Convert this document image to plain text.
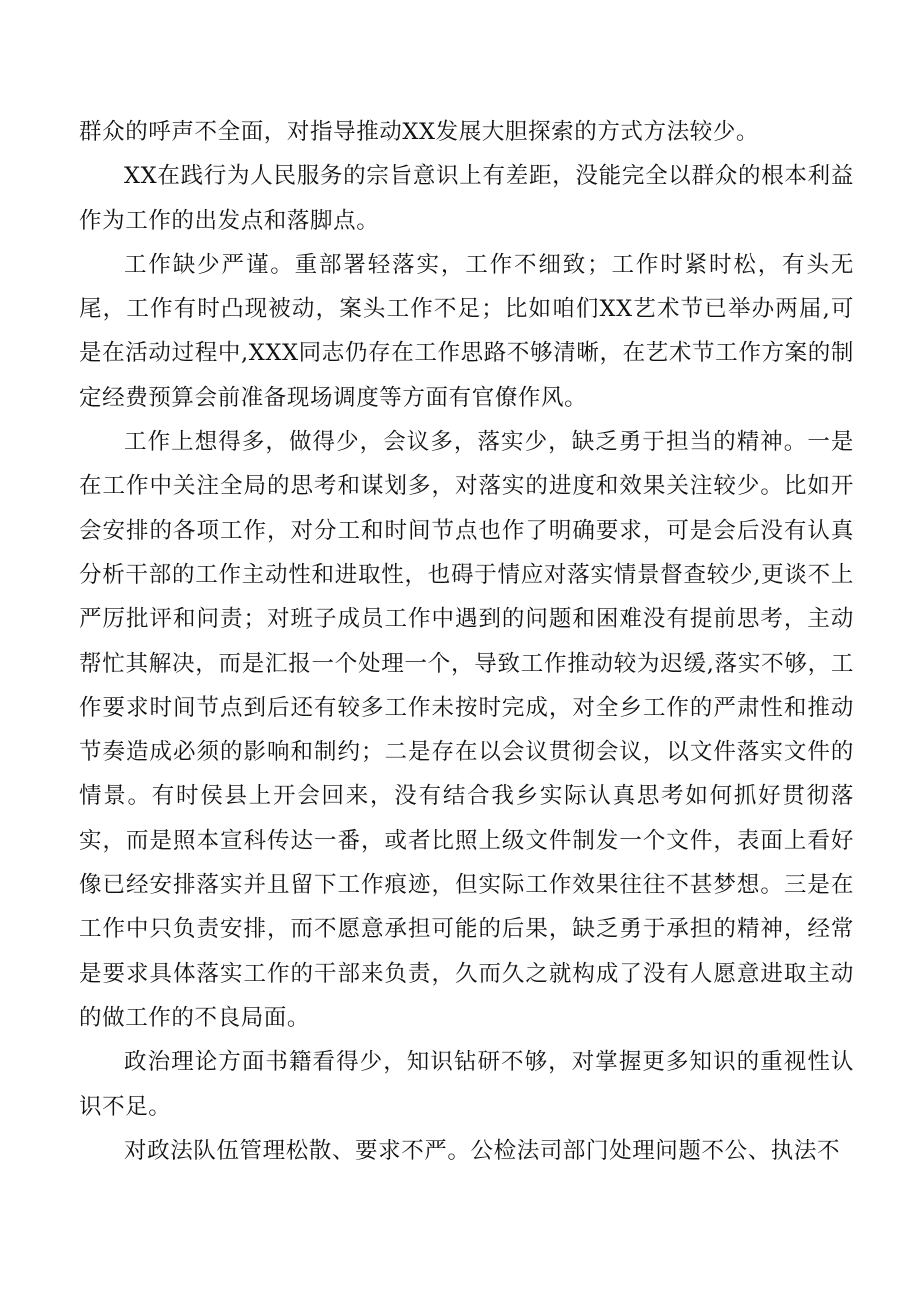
群众的呼声不全面，对指导推动XX发展大胆探索的方式方法较少。

XX在践行为人民服务的宗旨意识上有差距，没能完全以群众的根本利益作为工作的出发点和落脚点。

工作缺少严谨。重部署轻落实，工作不细致；工作时紧时松，有头无尾，工作有时凸现被动，案头工作不足；比如咱们XX艺术节已举办两届,可是在活动过程中,XXX同志仍存在工作思路不够清晰，在艺术节工作方案的制定经费预算会前准备现场调度等方面有官僚作风。

工作上想得多，做得少，会议多，落实少，缺乏勇于担当的精神。一是在工作中关注全局的思考和谋划多，对落实的进度和效果关注较少。比如开会安排的各项工作，对分工和时间节点也作了明确要求，可是会后没有认真分析干部的工作主动性和进取性，也碍于情应对落实情景督查较少,更谈不上严厉批评和问责；对班子成员工作中遇到的问题和困难没有提前思考，主动帮忙其解决，而是汇报一个处理一个，导致工作推动较为迟缓,落实不够，工作要求时间节点到后还有较多工作未按时完成，对全乡工作的严肃性和推动节奏造成必须的影响和制约；二是存在以会议贯彻会议，以文件落实文件的情景。有时侯县上开会回来，没有结合我乡实际认真思考如何抓好贯彻落实，而是照本宣科传达一番，或者比照上级文件制发一个文件，表面上看好像已经安排落实并且留下工作痕迹，但实际工作效果往往不甚梦想。三是在工作中只负责安排，而不愿意承担可能的后果，缺乏勇于承担的精神，经常是要求具体落实工作的干部来负责，久而久之就构成了没有人愿意进取主动的做工作的不良局面。

政治理论方面书籍看得少，知识钻研不够，对掌握更多知识的重视性认识不足。

对政法队伍管理松散、要求不严。公检法司部门处理问题不公、执法不
